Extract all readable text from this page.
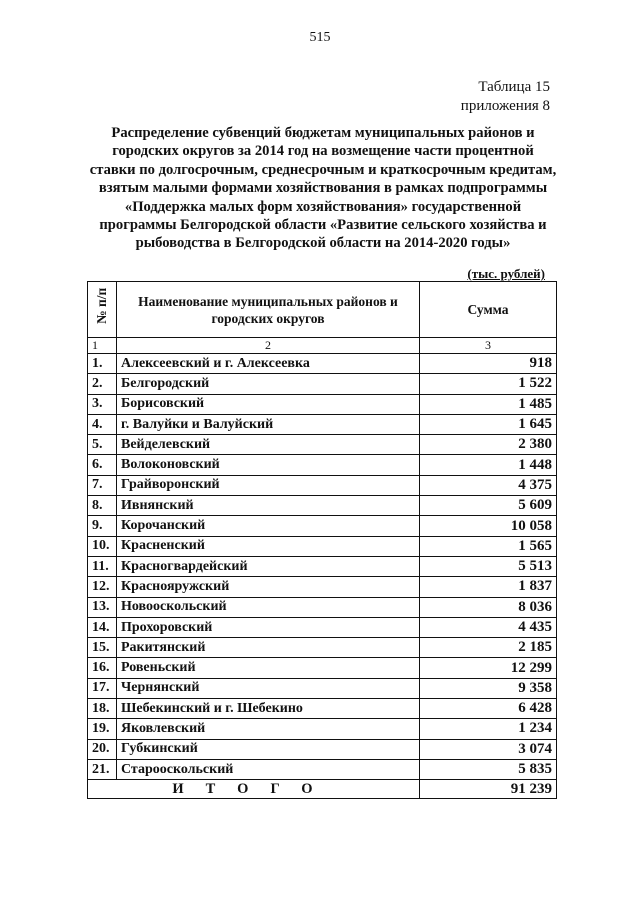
515
Таблица 15
приложения 8
Распределение субвенций бюджетам муниципальных районов и городских округов за 2014 год на возмещение части процентной ставки по долгосрочным, среднесрочным и краткосрочным кредитам, взятым малыми формами хозяйствования в рамках подпрограммы «Поддержка малых форм хозяйствования» государственной программы Белгородской области «Развитие сельского хозяйства и рыбоводства в Белгородской области на 2014-2020 годы»
(тыс. рублей)
№ п/п	Наименование муниципальных районов и городских округов	Сумма
1	2	3
1.	Алексеевский и г. Алексеевка	918
2.	Белгородский	1 522
3.	Борисовский	1 485
4.	г. Валуйки и Валуйский	1 645
5.	Вейделевский	2 380
6.	Волоконовский	1 448
7.	Грайворонский	4 375
8.	Ивнянский	5 609
9.	Корочанский	10 058
10.	Красненский	1 565
11.	Красногвардейский	5 513
12.	Краснояружский	1 837
13.	Новооскольский	8 036
14.	Прохоровский	4 435
15.	Ракитянский	2 185
16.	Ровеньский	12 299
17.	Чернянский	9 358
18.	Шебекинский и г. Шебекино	6 428
19.	Яковлевский	1 234
20.	Губкинский	3 074
21.	Старооскольский	5 835
ИТОГО		91 239
